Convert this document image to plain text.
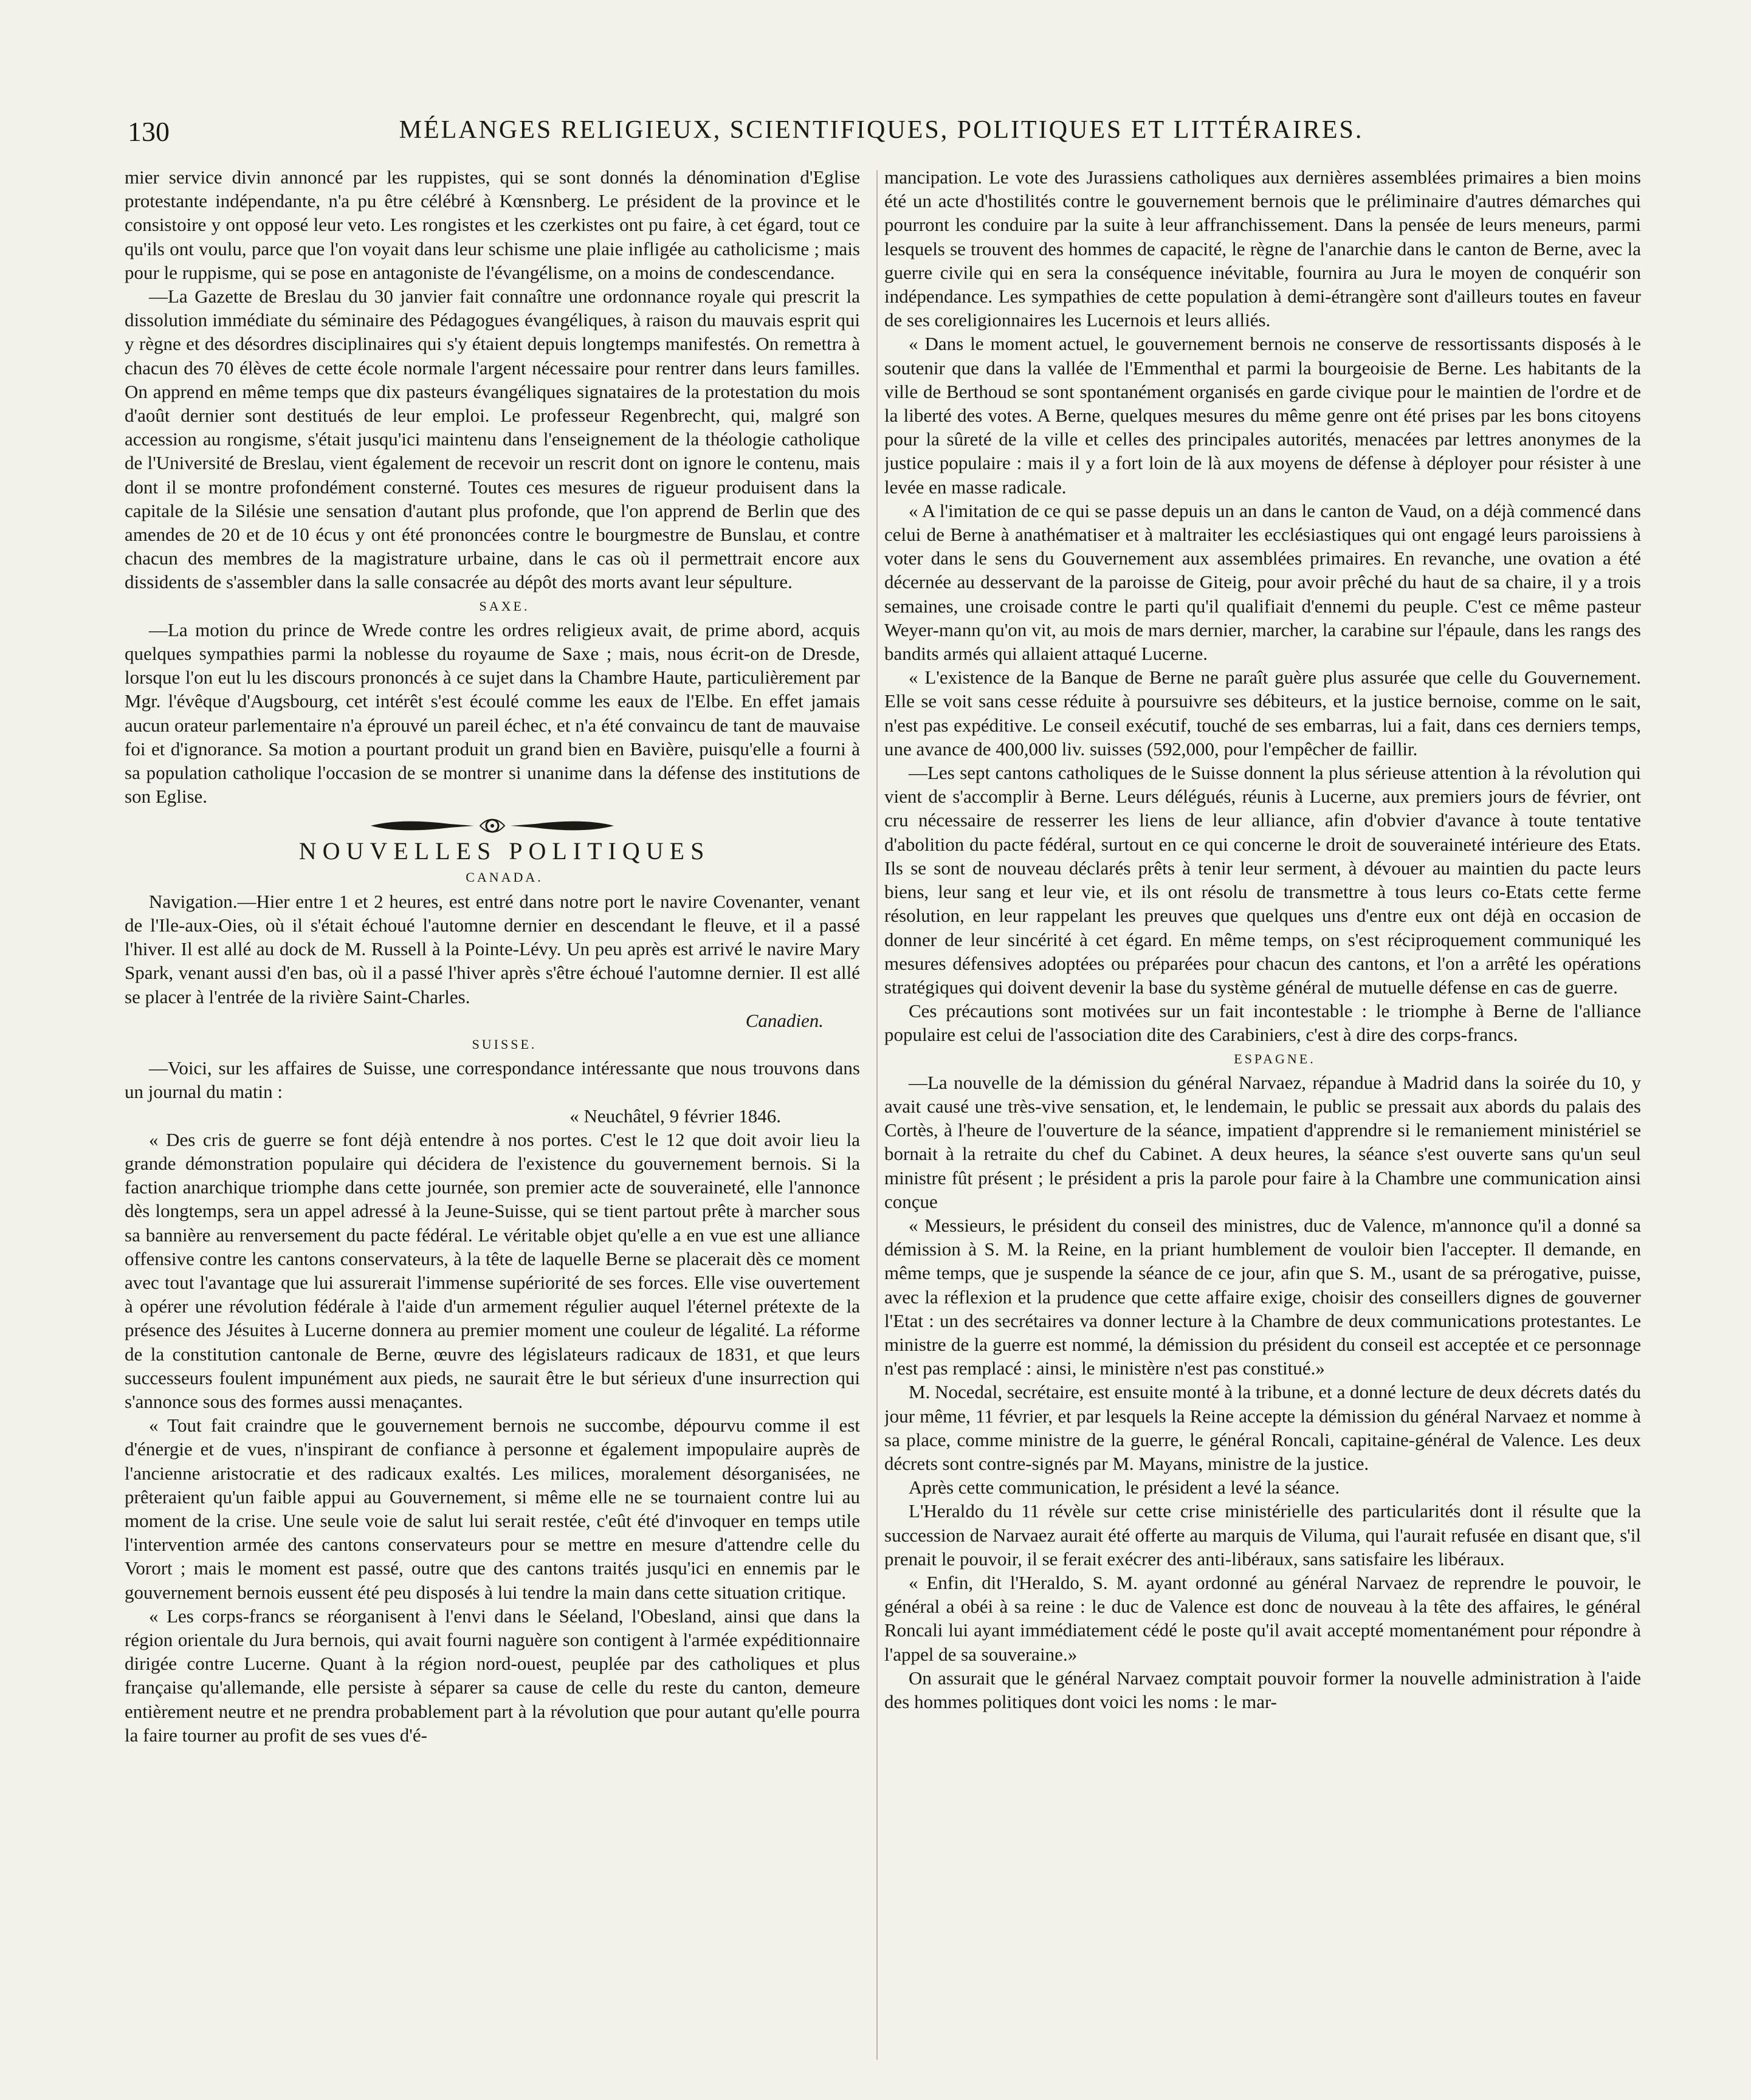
130	MÉLANGES RELIGIEUX, SCIENTIFIQUES, POLITIQUES ET LITTÉRAIRES.

mier service divin annoncé par les ruppistes, qui se sont donnés la dénomination d'Eglise protestante indépendante, n'a pu être célébré à Kœnsnberg. Le président de la province et le consistoire y ont opposé leur veto. Les rongistes et les czerkistes ont pu faire, à cet égard, tout ce qu'ils ont voulu, parce que l'on voyait dans leur schisme une plaie infligée au catholicisme ; mais pour le ruppisme, qui se pose en antagoniste de l'évangélisme, on a moins de condescendance.

—La Gazette de Breslau du 30 janvier fait connaître une ordonnance royale qui prescrit la dissolution immédiate du séminaire des Pédagogues évangéliques, à raison du mauvais esprit qui y règne et des désordres disciplinaires qui s'y étaient depuis longtemps manifestés. On remettra à chacun des 70 élèves de cette école normale l'argent nécessaire pour rentrer dans leurs familles. On apprend en même temps que dix pasteurs évangéliques signataires de la protestation du mois d'août dernier sont destitués de leur emploi. Le professeur Regenbrecht, qui, malgré son accession au rongisme, s'était jusqu'ici maintenu dans l'enseignement de la théologie catholique de l'Université de Breslau, vient également de recevoir un rescrit dont on ignore le contenu, mais dont il se montre profondément consterné. Toutes ces mesures de rigueur produisent dans la capitale de la Silésie une sensation d'autant plus profonde, que l'on apprend de Berlin que des amendes de 20 et de 10 écus y ont été prononcées contre le bourgmestre de Bunslau, et contre chacun des membres de la magistrature urbaine, dans le cas où il permettrait encore aux dissidents de s'assembler dans la salle consacrée au dépôt des morts avant leur sépulture.

SAXE.

—La motion du prince de Wrede contre les ordres religieux avait, de prime abord, acquis quelques sympathies parmi la noblesse du royaume de Saxe ; mais, nous écrit-on de Dresde, lorsque l'on eut lu les discours prononcés à ce sujet dans la Chambre Haute, particulièrement par Mgr. l'évêque d'Augsbourg, cet intérêt s'est écoulé comme les eaux de l'Elbe. En effet jamais aucun orateur parlementaire n'a éprouvé un pareil échec, et n'a été convaincu de tant de mauvaise foi et d'ignorance. Sa motion a pourtant produit un grand bien en Bavière, puisqu'elle a fourni à sa population catholique l'occasion de se montrer si unanime dans la défense des institutions de son Eglise.

NOUVELLES POLITIQUES

CANADA.

Navigation.—Hier entre 1 et 2 heures, est entré dans notre port le navire Covenanter, venant de l'Ile-aux-Oies, où il s'était échoué l'automne dernier en descendant le fleuve, et il a passé l'hiver. Il est allé au dock de M. Russell à la Pointe-Lévy. Un peu après est arrivé le navire Mary Spark, venant aussi d'en bas, où il a passé l'hiver après s'être échoué l'automne dernier. Il est allé se placer à l'entrée de la rivière Saint-Charles.

Canadien.

SUISSE.

—Voici, sur les affaires de Suisse, une correspondance intéressante que nous trouvons dans un journal du matin :

« Neuchâtel, 9 février 1846.

« Des cris de guerre se font déjà entendre à nos portes. C'est le 12 que doit avoir lieu la grande démonstration populaire qui décidera de l'existence du gouvernement bernois. Si la faction anarchique triomphe dans cette journée, son premier acte de souveraineté, elle l'annonce dès longtemps, sera un appel adressé à la Jeune-Suisse, qui se tient partout prête à marcher sous sa bannière au renversement du pacte fédéral. Le véritable objet qu'elle a en vue est une alliance offensive contre les cantons conservateurs, à la tête de laquelle Berne se placerait dès ce moment avec tout l'avantage que lui assurerait l'immense supériorité de ses forces. Elle vise ouvertement à opérer une révolution fédérale à l'aide d'un armement régulier auquel l'éternel prétexte de la présence des Jésuites à Lucerne donnera au premier moment une couleur de légalité. La réforme de la constitution cantonale de Berne, œuvre des législateurs radicaux de 1831, et que leurs successeurs foulent impunément aux pieds, ne saurait être le but sérieux d'une insurrection qui s'annonce sous des formes aussi menaçantes.

« Tout fait craindre que le gouvernement bernois ne succombe, dépourvu comme il est d'énergie et de vues, n'inspirant de confiance à personne et également impopulaire auprès de l'ancienne aristocratie et des radicaux exaltés. Les milices, moralement désorganisées, ne prêteraient qu'un faible appui au Gouvernement, si même elle ne se tournaient contre lui au moment de la crise. Une seule voie de salut lui serait restée, c'eût été d'invoquer en temps utile l'intervention armée des cantons conservateurs pour se mettre en mesure d'attendre celle du Vorort ; mais le moment est passé, outre que des cantons traités jusqu'ici en ennemis par le gouvernement bernois eussent été peu disposés à lui tendre la main dans cette situation critique.

« Les corps-francs se réorganisent à l'envi dans le Séeland, l'Obesland, ainsi que dans la région orientale du Jura bernois, qui avait fourni naguère son contigent à l'armée expéditionnaire dirigée contre Lucerne. Quant à la région nord-ouest, peuplée par des catholiques et plus française qu'allemande, elle persiste à séparer sa cause de celle du reste du canton, demeure entièrement neutre et ne prendra probablement part à la révolution que pour autant qu'elle pourra la faire tourner au profit de ses vues d'é-

mancipation. Le vote des Jurassiens catholiques aux dernières assemblées primaires a bien moins été un acte d'hostilités contre le gouvernement bernois que le préliminaire d'autres démarches qui pourront les conduire par la suite à leur affranchissement. Dans la pensée de leurs meneurs, parmi lesquels se trouvent des hommes de capacité, le règne de l'anarchie dans le canton de Berne, avec la guerre civile qui en sera la conséquence inévitable, fournira au Jura le moyen de conquérir son indépendance. Les sympathies de cette population à demi-étrangère sont d'ailleurs toutes en faveur de ses coreligionnaires les Lucernois et leurs alliés.

« Dans le moment actuel, le gouvernement bernois ne conserve de ressortissants disposés à le soutenir que dans la vallée de l'Emmenthal et parmi la bourgeoisie de Berne. Les habitants de la ville de Berthoud se sont spontanément organisés en garde civique pour le maintien de l'ordre et de la liberté des votes. A Berne, quelques mesures du même genre ont été prises par les bons citoyens pour la sûreté de la ville et celles des principales autorités, menacées par lettres anonymes de la justice populaire : mais il y a fort loin de là aux moyens de défense à déployer pour résister à une levée en masse radicale.

« A l'imitation de ce qui se passe depuis un an dans le canton de Vaud, on a déjà commencé dans celui de Berne à anathématiser et à maltraiter les ecclésiastiques qui ont engagé leurs paroissiens à voter dans le sens du Gouvernement aux assemblées primaires. En revanche, une ovation a été décernée au desservant de la paroisse de Giteig, pour avoir prêché du haut de sa chaire, il y a trois semaines, une croisade contre le parti qu'il qualifiait d'ennemi du peuple. C'est ce même pasteur Weyer-mann qu'on vit, au mois de mars dernier, marcher, la carabine sur l'épaule, dans les rangs des bandits armés qui allaient attaqué Lucerne.

« L'existence de la Banque de Berne ne paraît guère plus assurée que celle du Gouvernement. Elle se voit sans cesse réduite à poursuivre ses débiteurs, et la justice bernoise, comme on le sait, n'est pas expéditive. Le conseil exécutif, touché de ses embarras, lui a fait, dans ces derniers temps, une avance de 400,000 liv. suisses (592,000, pour l'empêcher de faillir.

—Les sept cantons catholiques de le Suisse donnent la plus sérieuse attention à la révolution qui vient de s'accomplir à Berne. Leurs délégués, réunis à Lucerne, aux premiers jours de février, ont cru nécessaire de resserrer les liens de leur alliance, afin d'obvier d'avance à toute tentative d'abolition du pacte fédéral, surtout en ce qui concerne le droit de souveraineté intérieure des Etats. Ils se sont de nouveau déclarés prêts à tenir leur serment, à dévouer au maintien du pacte leurs biens, leur sang et leur vie, et ils ont résolu de transmettre à tous leurs co-Etats cette ferme résolution, en leur rappelant les preuves que quelques uns d'entre eux ont déjà en occasion de donner de leur sincérité à cet égard. En même temps, on s'est réciproquement communiqué les mesures défensives adoptées ou préparées pour chacun des cantons, et l'on a arrêté les opérations stratégiques qui doivent devenir la base du système général de mutuelle défense en cas de guerre.

Ces précautions sont motivées sur un fait incontestable : le triomphe à Berne de l'alliance populaire est celui de l'association dite des Carabiniers, c'est à dire des corps-francs.

ESPAGNE.

—La nouvelle de la démission du général Narvaez, répandue à Madrid dans la soirée du 10, y avait causé une très-vive sensation, et, le lendemain, le public se pressait aux abords du palais des Cortès, à l'heure de l'ouverture de la séance, impatient d'apprendre si le remaniement ministériel se bornait à la retraite du chef du Cabinet. A deux heures, la séance s'est ouverte sans qu'un seul ministre fût présent ; le président a pris la parole pour faire à la Chambre une communication ainsi conçue

« Messieurs, le président du conseil des ministres, duc de Valence, m'annonce qu'il a donné sa démission à S. M. la Reine, en la priant humblement de vouloir bien l'accepter. Il demande, en même temps, que je suspende la séance de ce jour, afin que S. M., usant de sa prérogative, puisse, avec la réflexion et la prudence que cette affaire exige, choisir des conseillers dignes de gouverner l'Etat : un des secrétaires va donner lecture à la Chambre de deux communications protestantes. Le ministre de la guerre est nommé, la démission du président du conseil est acceptée et ce personnage n'est pas remplacé : ainsi, le ministère n'est pas constitué.»

M. Nocedal, secrétaire, est ensuite monté à la tribune, et a donné lecture de deux décrets datés du jour même, 11 février, et par lesquels la Reine accepte la démission du général Narvaez et nomme à sa place, comme ministre de la guerre, le général Roncali, capitaine-général de Valence. Les deux décrets sont contre-signés par M. Mayans, ministre de la justice.

Après cette communication, le président a levé la séance.

L'Heraldo du 11 révèle sur cette crise ministérielle des particularités dont il résulte que la succession de Narvaez aurait été offerte au marquis de Viluma, qui l'aurait refusée en disant que, s'il prenait le pouvoir, il se ferait exécrer des anti-libéraux, sans satisfaire les libéraux.

« Enfin, dit l'Heraldo, S. M. ayant ordonné au général Narvaez de reprendre le pouvoir, le général a obéi à sa reine : le duc de Valence est donc de nouveau à la tête des affaires, le général Roncali lui ayant immédiatement cédé le poste qu'il avait accepté momentanément pour répondre à l'appel de sa souveraine.»

On assurait que le général Narvaez comptait pouvoir former la nouvelle administration à l'aide des hommes politiques dont voici les noms : le mar-
